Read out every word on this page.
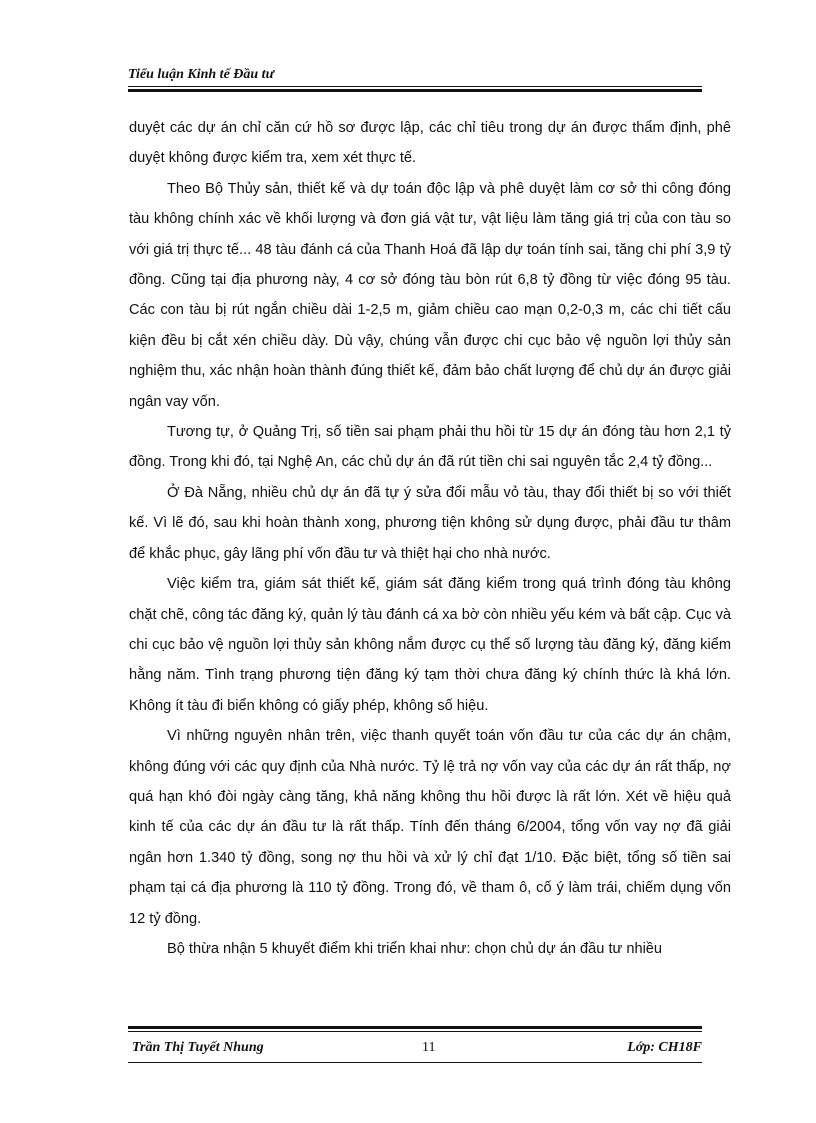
Tiểu luận Kinh tế Đầu tư

duyệt các dự án chỉ căn cứ hồ sơ được lập, các chỉ tiêu trong dự án được thẩm định, phê duyệt không được kiểm tra, xem xét thực tế.

Theo Bộ Thủy sản, thiết kế và dự toán độc lập và phê duyệt làm cơ sở thi công đóng tàu không chính xác về khối lượng và đơn giá vật tư, vật liệu làm tăng giá trị của con tàu so với giá trị thực tế... 48 tàu đánh cá của Thanh Hoá đã lập dự toán tính sai, tăng chi phí 3,9 tỷ đồng. Cũng tại địa phương này, 4 cơ sở đóng tàu bòn rút 6,8 tỷ đồng từ việc đóng 95 tàu. Các con tàu bị rút ngắn chiều dài 1-2,5 m, giảm chiều cao mạn 0,2-0,3 m, các chi tiết cấu kiện đều bị cắt xén chiều dày. Dù vậy, chúng vẫn được chi cục bảo vệ nguồn lợi thủy sản nghiệm thu, xác nhận hoàn thành đúng thiết kế, đảm bảo chất lượng để chủ dự án được giải ngân vay vốn.

Tương tự, ở Quảng Trị, số tiền sai phạm phải thu hồi từ 15 dự án đóng tàu hơn 2,1 tỷ đồng. Trong khi đó, tại Nghệ An, các chủ dự án đã rút tiền chi sai nguyên tắc 2,4 tỷ đồng...

Ở Đà Nẵng, nhiều chủ dự án đã tự ý sửa đổi mẫu vỏ tàu, thay đổi thiết bị so với thiết kế. Vì lẽ đó, sau khi hoàn thành xong, phương tiện không sử dụng được, phải đầu tư thâm để khắc phục, gây lãng phí vốn đầu tư và thiệt hại cho nhà nước.

Việc kiểm tra, giám sát thiết kế, giám sát đăng kiểm trong quá trình đóng tàu không chặt chẽ, công tác đăng ký, quản lý tàu đánh cá xa bờ còn nhiều yếu kém và bất cập. Cục và chi cục bảo vệ nguồn lợi thủy sản không nắm được cụ thể số lượng tàu đăng ký, đăng kiểm hằng năm. Tình trạng phương tiện đăng ký tạm thời chưa đăng ký chính thức là khá lớn. Không ít tàu đi biển không có giấy phép, không số hiệu.

Vì những nguyên nhân trên, việc thanh quyết toán vốn đầu tư của các dự án chậm, không đúng với các quy định của Nhà nước. Tỷ lệ trả nợ vốn vay của các dự án rất thấp, nợ quá hạn khó đòi ngày càng tăng, khả năng không thu hồi được là rất lớn. Xét về hiệu quả kinh tế của các dự án đầu tư là rất thấp. Tính đến tháng 6/2004, tổng vốn vay nợ đã giải ngân hơn 1.340 tỷ đồng, song nợ thu hồi và xử lý chỉ đạt 1/10. Đặc biệt, tổng số tiền sai phạm tại cá địa phương là 110 tỷ đồng. Trong đó, về tham ô, cố ý làm trái, chiếm dụng vốn 12 tỷ đồng.

Bộ thừa nhận 5 khuyết điểm khi triển khai như: chọn chủ dự án đầu tư nhiều

Trần Thị Tuyết Nhung	11	Lớp: CH18F
